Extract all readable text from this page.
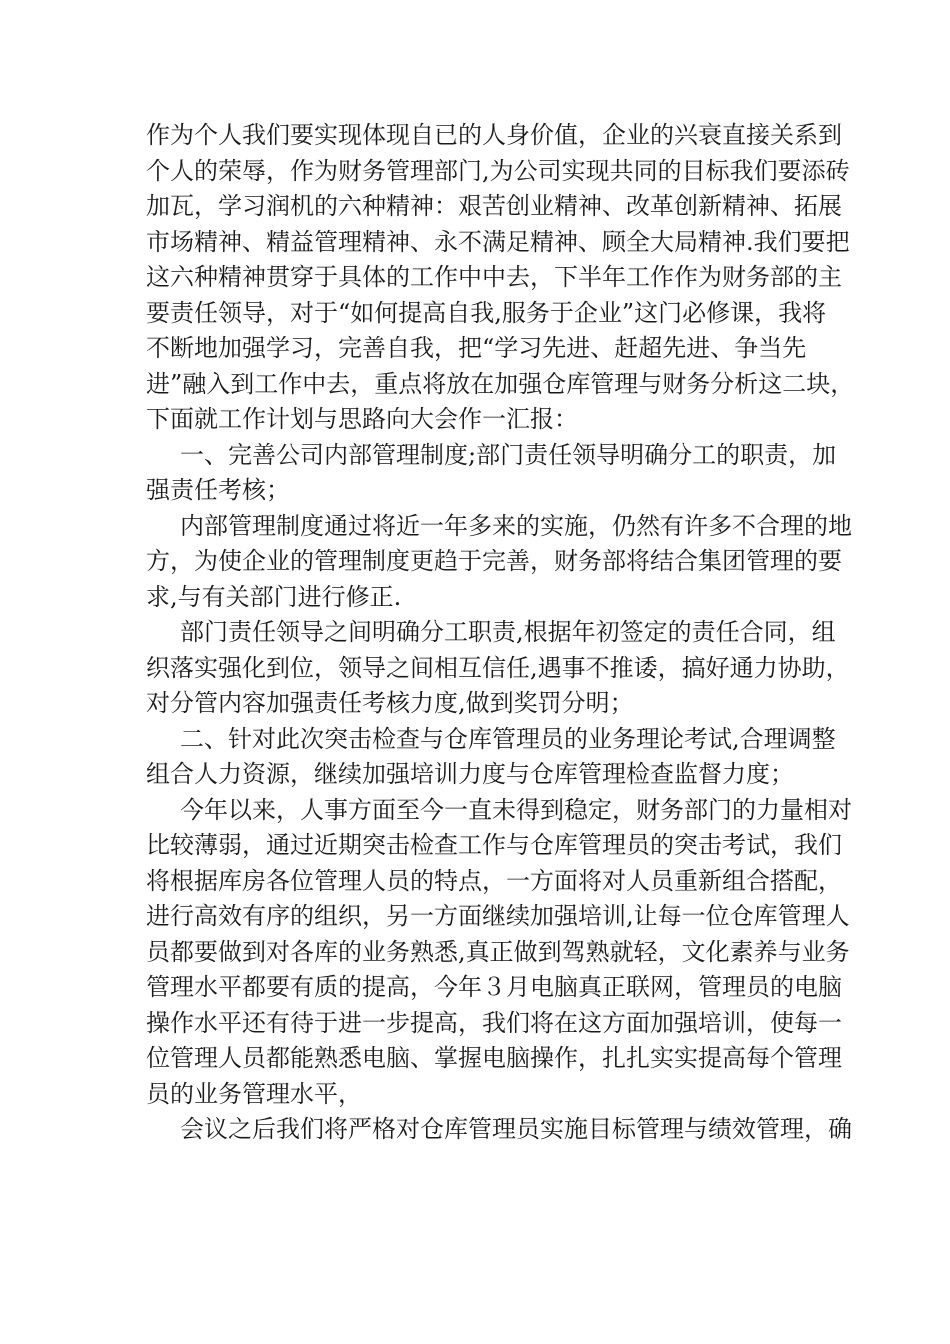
作为个人我们要实现体现自已的人身价值，企业的兴衰直接关系到
个人的荣辱，作为财务管理部门,为公司实现共同的目标我们要添砖
加瓦，学习润机的六种精神：艰苦创业精神、改革创新精神、拓展
市场精神、精益管理精神、永不满足精神、顾全大局精神.我们要把
这六种精神贯穿于具体的工作中中去，下半年工作作为财务部的主
要责任领导，对于“如何提高自我,服务于企业”这门必修课，我将
不断地加强学习，完善自我，把“学习先进、赶超先进、争当先
进”融入到工作中去，重点将放在加强仓库管理与财务分析这二块，
下面就工作计划与思路向大会作一汇报：
一、完善公司内部管理制度;部门责任领导明确分工的职责，加
强责任考核；
内部管理制度通过将近一年多来的实施，仍然有许多不合理的地
方，为使企业的管理制度更趋于完善，财务部将结合集团管理的要
求,与有关部门进行修正.
部门责任领导之间明确分工职责,根据年初签定的责任合同，组
织落实强化到位，领导之间相互信任,遇事不推诿，搞好通力协助，
对分管内容加强责任考核力度,做到奖罚分明；
二、针对此次突击检查与仓库管理员的业务理论考试,合理调整
组合人力资源，继续加强培训力度与仓库管理检查监督力度；
今年以来，人事方面至今一直未得到稳定，财务部门的力量相对
比较薄弱，通过近期突击检查工作与仓库管理员的突击考试，我们
将根据库房各位管理人员的特点，一方面将对人员重新组合搭配，
进行高效有序的组织，另一方面继续加强培训,让每一位仓库管理人
员都要做到对各库的业务熟悉,真正做到驾熟就轻，文化素养与业务
管理水平都要有质的提高，今年３月电脑真正联网，管理员的电脑
操作水平还有待于进一步提高，我们将在这方面加强培训，使每一
位管理人员都能熟悉电脑、掌握电脑操作，扎扎实实提高每个管理
员的业务管理水平，
会议之后我们将严格对仓库管理员实施目标管理与绩效管理，确
